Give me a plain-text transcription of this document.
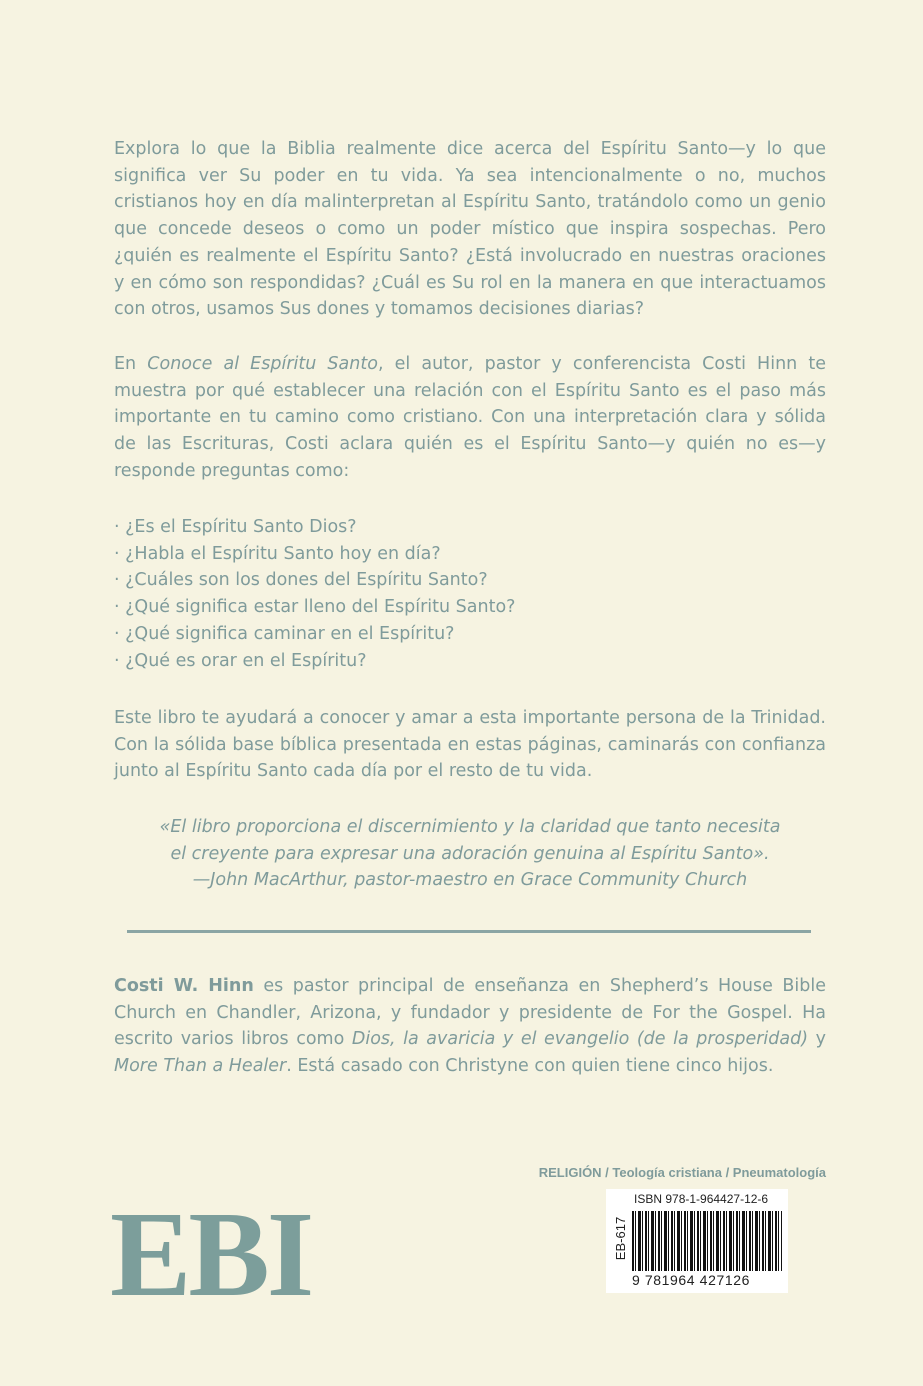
Explora lo que la Biblia realmente dice acerca del Espíritu Santo—y lo que significa ver Su poder en tu vida. Ya sea intencionalmente o no, muchos cristianos hoy en día malinterpretan al Espíritu Santo, tratándolo como un genio que concede deseos o como un poder místico que inspira sospechas. Pero ¿quién es realmente el Espíritu Santo? ¿Está involucrado en nuestras oraciones y en cómo son respondidas? ¿Cuál es Su rol en la manera en que interactuamos con otros, usamos Sus dones y tomamos decisiones diarias?

En Conoce al Espíritu Santo, el autor, pastor y conferencista Costi Hinn te muestra por qué establecer una relación con el Espíritu Santo es el paso más importante en tu camino como cristiano. Con una interpretación clara y sólida de las Escrituras, Costi aclara quién es el Espíritu Santo—y quién no es—y responde preguntas como:

· ¿Es el Espíritu Santo Dios?
· ¿Habla el Espíritu Santo hoy en día?
· ¿Cuáles son los dones del Espíritu Santo?
· ¿Qué significa estar lleno del Espíritu Santo?
· ¿Qué significa caminar en el Espíritu?
· ¿Qué es orar en el Espíritu?

Este libro te ayudará a conocer y amar a esta importante persona de la Trinidad. Con la sólida base bíblica presentada en estas páginas, caminarás con confianza junto al Espíritu Santo cada día por el resto de tu vida.

«El libro proporciona el discernimiento y la claridad que tanto necesita
el creyente para expresar una adoración genuina al Espíritu Santo».
—John MacArthur, pastor-maestro en Grace Community Church

Costi W. Hinn es pastor principal de enseñanza en Shepherd’s House Bible Church en Chandler, Arizona, y fundador y presidente de For the Gospel. Ha escrito varios libros como Dios, la avaricia y el evangelio (de la prosperidad) y More Than a Healer. Está casado con Christyne con quien tiene cinco hijos.

RELIGIÓN / Teología cristiana / Pneumatología
EBI	ISBN 978-1-964427-12-6
EB-617
9 781964 427126
